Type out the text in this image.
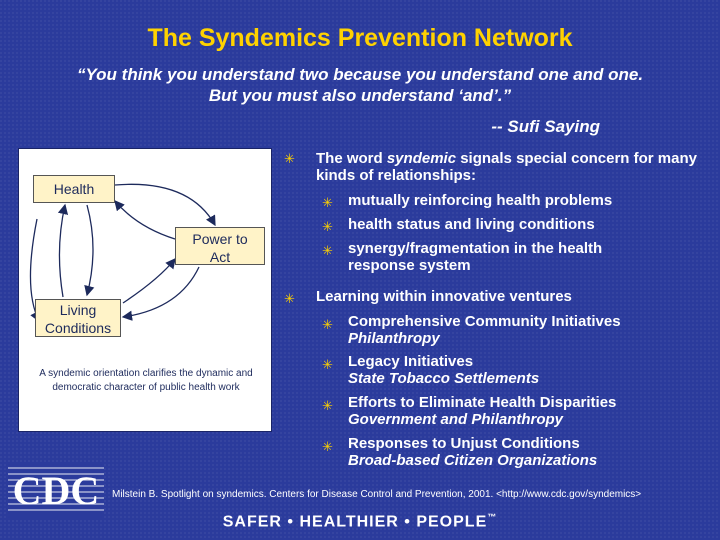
The Syndemics Prevention Network
“You think you understand two because you understand one and one.
But you must also understand ‘and’.”
-- Sufi Saying
Health
Power to
Act
Living
Conditions
A syndemic orientation clarifies the dynamic and democratic character of public health work
✳ The word syndemic signals special concern for many kinds of relationships:
✳ mutually reinforcing health problems
✳ health status and living conditions
✳ synergy/fragmentation in the health response system
✳ Learning within innovative ventures
✳ Comprehensive Community Initiatives
Philanthropy
✳ Legacy Initiatives
State Tobacco Settlements
✳ Efforts to Eliminate Health Disparities
Government and Philanthropy
✳ Responses to Unjust Conditions
Broad-based Citizen Organizations
CDC Milstein B. Spotlight on syndemics. Centers for Disease Control and Prevention, 2001. <http://www.cdc.gov/syndemics>
SAFER • HEALTHIER • PEOPLE™
